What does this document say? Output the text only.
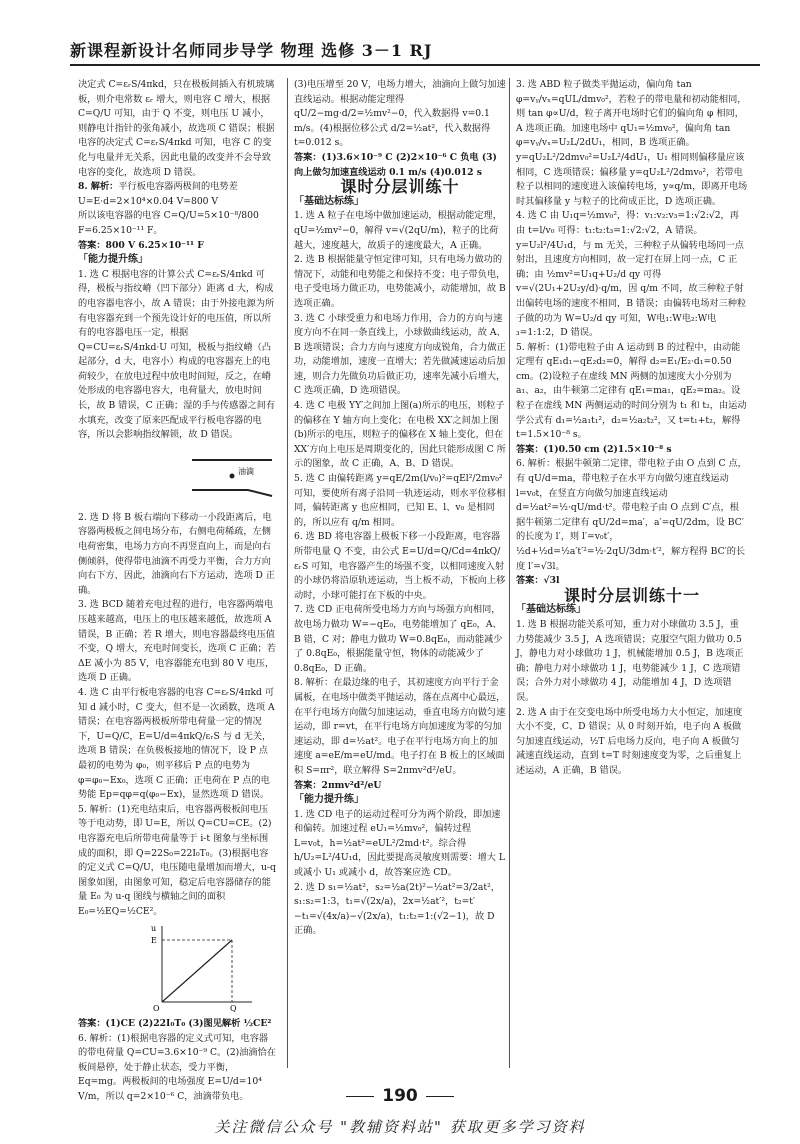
新课程新设计名师同步导学 物理 选修 3－1 RJ

决定式 C=εᵣS/4πkd，只在极板间插入有机玻璃板，则介电常数 εᵣ 增大，则电容 C 增大，根据 C=Q/U 可知，由于 Q 不变，则电压 U 减小，则静电计指针的张角减小，故选项 C 错误；根据电容的决定式 C=εᵣS/4πkd 可知，电容 C 的变化与电量并无关系，因此电量的改变并不会导致电容的变化，故选项 D 错误。

8. 解析：平行板电容器两极间的电势差 U=E·d=2×10⁴×0.04 V=800 V

所以该电容器的电容 C=Q/U=5×10⁻⁸/800 F=6.25×10⁻¹¹ F。

答案：800 V 6.25×10⁻¹¹ F

「能力提升练」

1. 选 C 根据电容的计算公式 C=εᵣS/4πkd 可得，极板与指纹嵴（凹下部分）距离 d 大，构成的电容器电容小，故 A 错误；由于外接电源为所有电容器充到一个预先设计好的电压值，所以所有的电容器电压一定，根据 Q=CU=εᵣS/4πkd·U 可知，极板与指纹嵴（凸起部分，d 大，电容小）构成的电容器充上的电荷较少，在放电过程中放电时间短，反之，在嵴处形成的电容器电容大，电荷量大，放电时间长，故 B 错误，C 正确；湿的手与传感器之间有水填充，改变了原来匹配成平行板电容器的电容，所以会影响指纹解锁，故 D 错误。

油滴

2. 选 D 将 B 板右端向下移动一小段距离后，电容器两极板之间电场分布，右侧电荷稀疏，左侧电荷密集，电场力方向不再竖直向上，而是向右侧倾斜，使得带电油滴不再受力平衡，合力方向向右下方，因此，油滴向右下方运动，选项 D 正确。

3. 选 BCD 随着充电过程的进行，电容器两端电压越来越高，电压上的电压越来越低，故选项 A 错误，B 正确；若 R 增大，则电容器最终电压值不变，Q 增大，充电时间变长，选项 C 正确；若 ΔE 减小为 85 V，电容器能充电到 80 V 电压，选项 D 正确。

4. 选 C 由平行板电容器的电容 C=εᵣS/4πkd 可知 d 减小时，C 变大，但不是一次函数，选项 A 错误；在电容器两极板所带电荷量一定的情况下，U=Q/C，E=U/d=4πkQ/εᵣS 与 d 无关，选项 B 错误；在负极板接地的情况下，设 P 点最初的电势为 φ₀，则平移后 P 点的电势为 φ=φ₀−Ex₀，选项 C 正确；正电荷在 P 点的电势能 Ep=qφ=q(φ₀−Ex)，显然选项 D 错误。

5. 解析：(1)充电结束后，电容器两极板间电压等于电动势，即 U=E，所以 Q=CU=CE。(2)电容器充电后所带电荷量等于 i-t 图象与坐标围成的面积，即 Q=22S₀=22I₀T₀。(3)根据电容的定义式 C=Q/U，电压随电量增加而增大，u-q 图象如图，由图象可知，稳定后电容器储存的能量 E₀ 为 u-q 图线与横轴之间的面积 E₀=½EQ=½CE²。

E
Q
u
O

答案：(1)CE (2)22I₀T₀ (3)图见解析 ½CE²

6. 解析：(1)根据电容器的定义式可知，电容器的带电荷量 Q=CU=3.6×10⁻⁹ C。(2)油滴恰在板间悬停，处于静止状态，受力平衡，Eq=mg。两极板间的电场强度 E=U/d=10⁴ V/m，所以 q=2×10⁻⁶ C，油滴带负电。

(3)电压增至 20 V，电场力增大，油滴向上做匀加速直线运动。根据动能定理得 qU/2−mg·d/2=½mv²−0，代入数据得 v=0.1 m/s。(4)根据位移公式 d/2=½at²，代入数据得 t=0.012 s。

答案：(1)3.6×10⁻⁹ C (2)2×10⁻⁶ C 负电 (3)向上做匀加速直线运动 0.1 m/s (4)0.012 s

课时分层训练十

「基础达标练」

1. 选 A 粒子在电场中做加速运动，根据动能定理，qU=½mv²−0，解得 v=√(2qU/m)，粒子的比荷越大，速度越大，故质子的速度最大，A 正确。

2. 选 B 根据能量守恒定律可知，只有电场力做功的情况下，动能和电势能之和保持不变；电子带负电，电子受电场力做正功，电势能减小，动能增加，故 B 选项正确。

3. 选 C 小球受重力和电场力作用，合力的方向与速度方向不在同一条直线上，小球做曲线运动，故 A、B 选项错误；合力方向与速度方向成锐角，合力做正功，动能增加，速度一直增大；若先做减速运动后加速，则合力先做负功后做正功，速率先减小后增大，C 选项正确，D 选项错误。

4. 选 C 电极 YY′之间加上图(a)所示的电压，则粒子的偏移在 Y 轴方向上变化；在电极 XX′之间加上图(b)所示的电压，则粒子的偏移在 X 轴上变化，但在 XX′方向上电压是周期变化的，因此只能形成图 C 所示的图象，故 C 正确，A、B、D 错误。

5. 选 C 由偏转距离 y=qE/2m(l/v₀)²=qEl²/2mv₀² 可知，要使所有离子沿同一轨迹运动，则水平位移相同，偏转距离 y 也应相同，已知 E、l、v₀ 是相同的，所以应有 q/m 相同。

6. 选 BD 将电容器上极板下移一小段距离，电容器所带电量 Q 不变，由公式 E=U/d=Q/Cd=4πkQ/εᵣS 可知，电容器产生的场强不变，以相同速度入射的小球仍将沿原轨迹运动，当上板不动，下板向上移动时，小球可能打在下板的中央。

7. 选 CD 正电荷所受电场力方向与场强方向相同，故电场力做功 W=−qE₀，电势能增加了 qE₀，A、B 错，C 对；静电力做功 W=0.8qE₀，而动能减少了 0.8qE₀，根据能量守恒，物体的动能减少了 0.8qE₀，D 正确。

8. 解析：在最边缘的电子，其初速度方向平行于金属板，在电场中做类平抛运动，落在点离中心最远，在平行电场方向做匀加速运动，垂直电场方向做匀速运动，即 r=vt，在平行电场方向加速度为零的匀加速运动，即 d=½at²。电子在平行电场方向上的加速度 a=eE/m=eU/md。电子打在 B 板上的区域面积 S=πr²，联立解得 S=2πmv²d²/eU。

答案：2πmv²d²/eU

「能力提升练」

1. 选 CD 电子的运动过程可分为两个阶段，即加速和偏转。加速过程 eU₁=½mv₀²，偏转过程 L=v₀t，h=½at²=eUL²/2md·t²。综合得 h/U₂=L²/4U₁d，因此要提高灵敏度则需要：增大 L 或减小 U₁ 或减小 d，故答案应选 CD。

2. 选 D s₁=½at²，s₂=½a(2t)²−½at²=3/2at²，s₁:s₂=1:3，t₁=√(2x/a)，2x=½at′²，t₂=t′−t₁=√(4x/a)−√(2x/a)，t₁:t₂=1:(√2−1)，故 D 正确。

3. 选 ABD 粒子做类平抛运动，偏向角 tan φ=vᵧ/vₓ=qUL/dmv₀²，若粒子的带电量和初动能相同，则 tan φ∝U/d，粒子离开电场时它们的偏向角 φ 相同，A 选项正确。加速电场中 qU₁=½mv₀²，偏向角 tan φ=vᵧ/vₓ=U₂L/2dU₁，相同，B 选项正确。y=qU₂L²/2dmv₀²=U₂L²/4dU₁，U₁ 相同则偏移量应该相同，C 选项错误；偏移量 y=qU₂L²/2dmv₀²，若带电粒子以相同的速度进入该偏转电场，y∝q/m，即离开电场时其偏移量 y 与粒子的比荷成正比，D 选项正确。

4. 选 C 由 U₁q=½mv₀²，得：v₁:v₂:v₃=1:√2:√2，再由 t=l/v₀ 可得：t₁:t₂:t₃=1:√2:√2，A 错误。y=U₂l²/4U₁d，与 m 无关，三种粒子从偏转电场同一点射出，且速度方向相同，故一定打在屏上同一点，C 正确；由 ½mv²=U₁q+U₂/d qy 可得 v=√(2U₁+2U₂y/d)·q/m，因 q/m 不同，故三种粒子射出偏转电场的速度不相同，B 错误；由偏转电场对三种粒子做的功为 W=U₂/d qy 可知，W电₁:W电₂:W电₃=1:1:2，D 错误。

5. 解析：(1)带电粒子由 A 运动到 B 的过程中，由动能定理有 qE₁d₁−qE₂d₂=0，解得 d₂=E₁/E₂·d₁=0.50 cm。(2)设粒子在虚线 MN 两侧的加速度大小分别为 a₁、a₂，由牛顿第二定律有 qE₁=ma₁，qE₂=ma₂。设粒子在虚线 MN 两侧运动的时间分别为 t₁ 和 t₂，由运动学公式有 d₁=½a₁t₁²，d₂=½a₂t₂²，又 t=t₁+t₂，解得 t=1.5×10⁻⁸ s。

答案：(1)0.50 cm (2)1.5×10⁻⁸ s

6. 解析：根据牛顿第二定律，带电粒子由 O 点到 C 点，有 qU/d=ma，带电粒子在水平方向做匀速直线运动 l=v₀t，在竖直方向做匀加速直线运动 d=½at²=½·qU/md·t²。带电粒子由 O 点到 C′点，根据牛顿第二定律有 qU/2d=ma′，a′=qU/2dm，设 BC′的长度为 l′，则 l′=v₀t′，½d+½d=½a′t′²=½·2qU/3dm·t′²，解方程得 BC′的长度 l′=√3l。

答案：√3l

课时分层训练十一

「基础达标练」

1. 选 B 根据功能关系可知，重力对小球做功 3.5 J，重力势能减少 3.5 J，A 选项错误；克服空气阻力做功 0.5 J，静电力对小球做功 1 J，机械能增加 0.5 J，B 选项正确；静电力对小球做功 1 J，电势能减少 1 J，C 选项错误；合外力对小球做功 4 J，动能增加 4 J，D 选项错误。

2. 选 A 由于在交变电场中所受电场力大小恒定，加速度大小不变，C、D 错误；从 0 时刻开始，电子向 A 板做匀加速直线运动，½T 后电场力反向，电子向 A 板做匀减速直线运动，直到 t=T 时刻速度变为零，之后重复上述运动，A 正确，B 错误。

190
关注微信公众号 "教辅资料站" 获取更多学习资料
